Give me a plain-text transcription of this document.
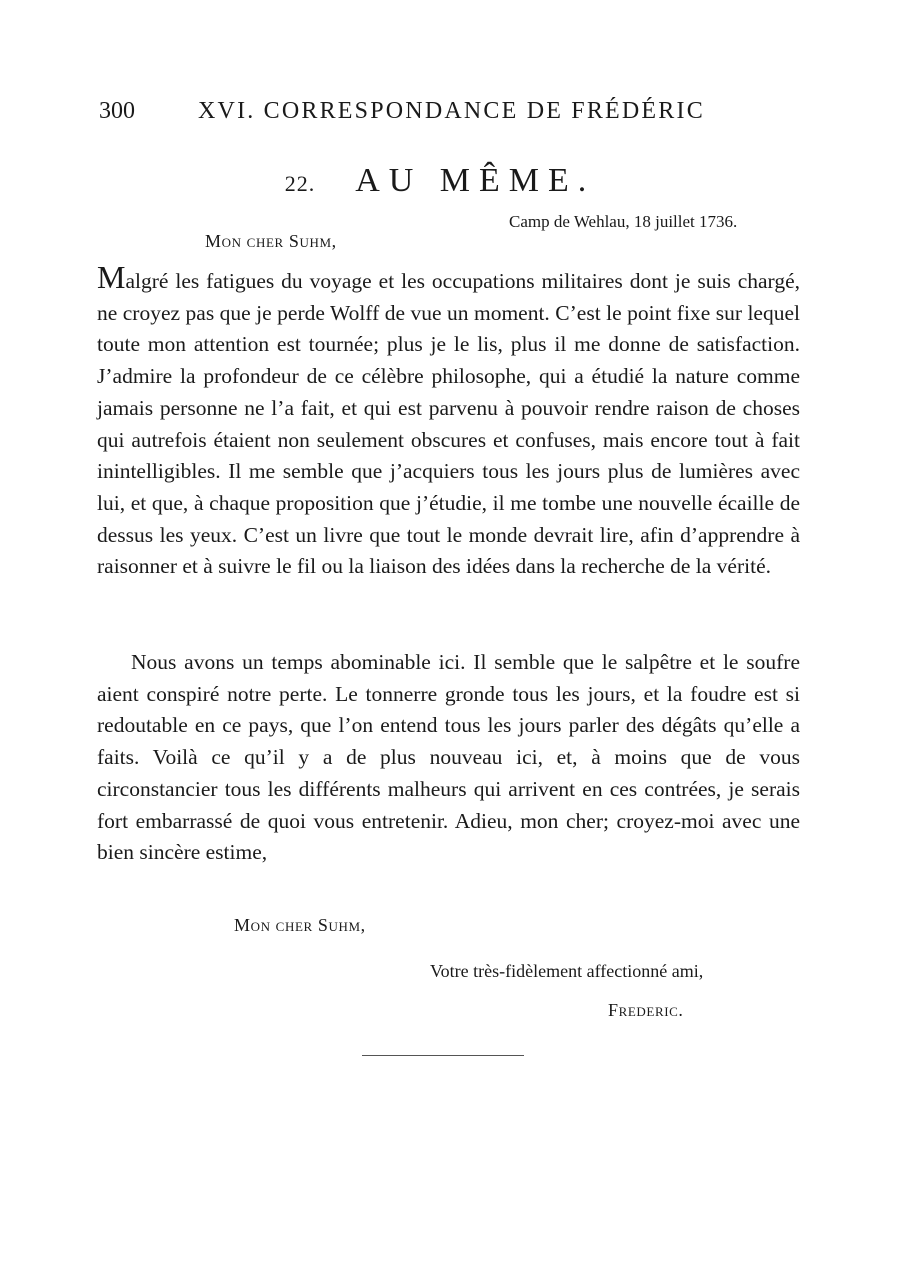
300	XVI. CORRESPONDANCE DE FRÉDÉRIC
22. AU MÊME.
Camp de Wehlau, 18 juillet 1736.
Mon cher Suhm,
Malgré les fatigues du voyage et les occupations militaires dont je suis chargé, ne croyez pas que je perde Wolff de vue un moment. C’est le point fixe sur lequel toute mon attention est tournée; plus je le lis, plus il me donne de satisfaction. J’admire la profondeur de ce célèbre philosophe, qui a étudié la nature comme jamais personne ne l’a fait, et qui est parvenu à pouvoir rendre raison de choses qui autrefois étaient non seulement obscures et confuses, mais encore tout à fait inintelligibles. Il me semble que j’acquiers tous les jours plus de lumières avec lui, et que, à chaque proposition que j’étudie, il me tombe une nouvelle écaille de dessus les yeux. C’est un livre que tout le monde devrait lire, afin d’apprendre à raisonner et à suivre le fil ou la liaison des idées dans la recherche de la vérité.
Nous avons un temps abominable ici. Il semble que le salpêtre et le soufre aient conspiré notre perte. Le tonnerre gronde tous les jours, et la foudre est si redoutable en ce pays, que l’on entend tous les jours parler des dégâts qu’elle a faits. Voilà ce qu’il y a de plus nouveau ici, et, à moins que de vous circonstancier tous les différents malheurs qui arrivent en ces contrées, je serais fort embarrassé de quoi vous entretenir. Adieu, mon cher; croyez-moi avec une bien sincère estime,
Mon cher Suhm,
Votre très-fidèlement affectionné ami,
Frederic.
